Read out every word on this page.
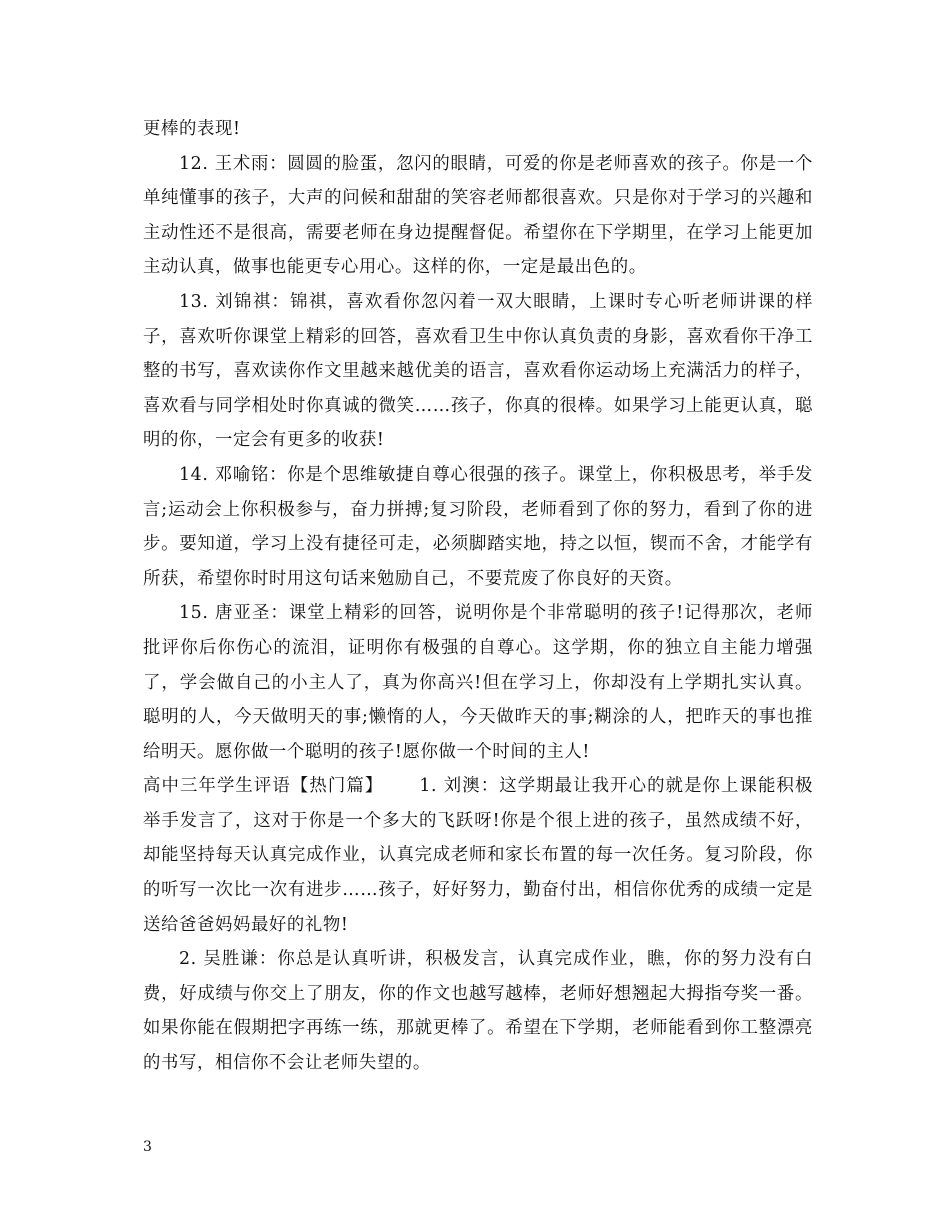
更棒的表现!

12. 王术雨：圆圆的脸蛋，忽闪的眼睛，可爱的你是老师喜欢的孩子。你是一个单纯懂事的孩子，大声的问候和甜甜的笑容老师都很喜欢。只是你对于学习的兴趣和主动性还不是很高，需要老师在身边提醒督促。希望你在下学期里，在学习上能更加主动认真，做事也能更专心用心。这样的你，一定是最出色的。

13. 刘锦祺：锦祺，喜欢看你忽闪着一双大眼睛，上课时专心听老师讲课的样子，喜欢听你课堂上精彩的回答，喜欢看卫生中你认真负责的身影，喜欢看你干净工整的书写，喜欢读你作文里越来越优美的语言，喜欢看你运动场上充满活力的样子，喜欢看与同学相处时你真诚的微笑……孩子，你真的很棒。如果学习上能更认真，聪明的你，一定会有更多的收获!

14. 邓喻铭：你是个思维敏捷自尊心很强的孩子。课堂上，你积极思考，举手发言;运动会上你积极参与，奋力拼搏;复习阶段，老师看到了你的努力，看到了你的进步。要知道，学习上没有捷径可走，必须脚踏实地，持之以恒，锲而不舍，才能学有所获，希望你时时用这句话来勉励自己，不要荒废了你良好的天资。

15. 唐亚圣：课堂上精彩的回答，说明你是个非常聪明的孩子!记得那次，老师批评你后你伤心的流泪，证明你有极强的自尊心。这学期，你的独立自主能力增强了，学会做自己的小主人了，真为你高兴!但在学习上，你却没有上学期扎实认真。聪明的人，今天做明天的事;懒惰的人，今天做昨天的事;糊涂的人，把昨天的事也推给明天。愿你做一个聪明的孩子!愿你做一个时间的主人!

高中三年学生评语【热门篇】 1. 刘澳：这学期最让我开心的就是你上课能积极举手发言了，这对于你是一个多大的飞跃呀!你是个很上进的孩子，虽然成绩不好，却能坚持每天认真完成作业，认真完成老师和家长布置的每一次任务。复习阶段，你的听写一次比一次有进步……孩子，好好努力，勤奋付出，相信你优秀的成绩一定是送给爸爸妈妈最好的礼物!

2. 吴胜谦：你总是认真听讲，积极发言，认真完成作业，瞧，你的努力没有白费，好成绩与你交上了朋友，你的作文也越写越棒，老师好想翘起大拇指夸奖一番。如果你能在假期把字再练一练，那就更棒了。希望在下学期，老师能看到你工整漂亮的书写，相信你不会让老师失望的。

3
